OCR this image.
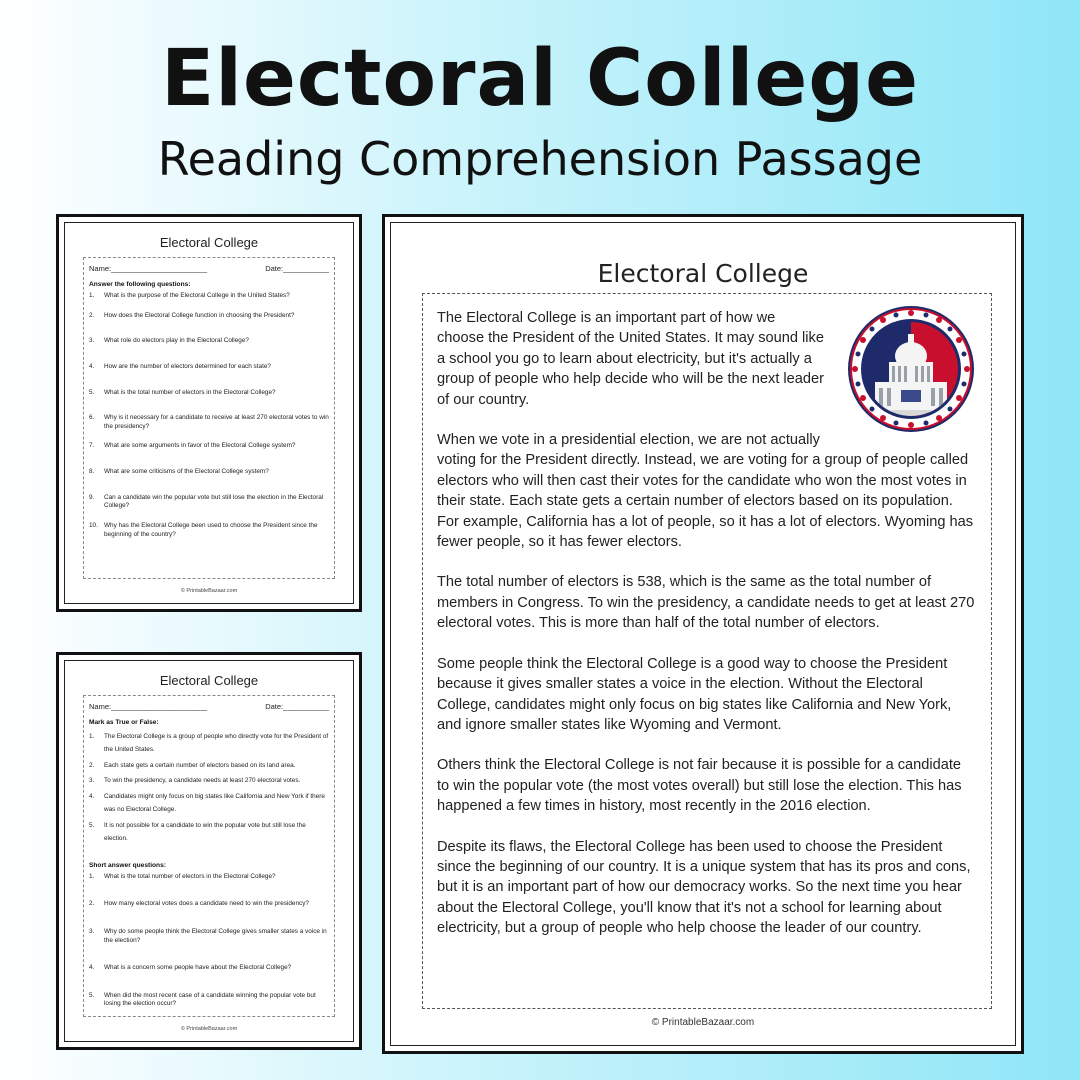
Electoral College
Reading Comprehension Passage
Electoral College
Name:_______________________	Date:___________
Answer the following questions:
1.	What is the purpose of the Electoral College in the United States?
2.	How does the Electoral College function in choosing the President?
3.	What role do electors play in the Electoral College?
4.	How are the number of electors determined for each state?
5.	What is the total number of electors in the Electoral College?
6.	Why is it necessary for a candidate to receive at least 270 electoral votes to win the presidency?
7.	What are some arguments in favor of the Electoral College system?
8.	What are some criticisms of the Electoral College system?
9.	Can a candidate win the popular vote but still lose the election in the Electoral College?
10. Why has the Electoral College been used to choose the President since the beginning of the country?
© PrintableBazaar.com
Electoral College
Name:_______________________	Date:___________
Mark as True or False:
1.	The Electoral College is a group of people who directly vote for the President of the United States.
2.	Each state gets a certain number of electors based on its land area.
3.	To win the presidency, a candidate needs at least 270 electoral votes.
4.	Candidates might only focus on big states like California and New York if there was no Electoral College.
5.	It is not possible for a candidate to win the popular vote but still lose the election.
Short answer questions:
1.	What is the total number of electors in the Electoral College?
2.	How many electoral votes does a candidate need to win the presidency?
3.	Why do some people think the Electoral College gives smaller states a voice in the election?
4.	What is a concern some people have about the Electoral College?
5.	When did the most recent case of a candidate winning the popular vote but losing the election occur?
© PrintableBazaar.com
Electoral College

The Electoral College is an important part of how we choose the President of the United States. It may sound like a school you go to learn about electricity, but it's actually a group of people who help decide who will be the next leader of our country.

When we vote in a presidential election, we are not actually voting for the President directly. Instead, we are voting for a group of people called electors who will then cast their votes for the candidate who won the most votes in their state. Each state gets a certain number of electors based on its population. For example, California has a lot of people, so it has a lot of electors. Wyoming has fewer people, so it has fewer electors.

The total number of electors is 538, which is the same as the total number of members in Congress. To win the presidency, a candidate needs to get at least 270 electoral votes. This is more than half of the total number of electors.

Some people think the Electoral College is a good way to choose the President because it gives smaller states a voice in the election. Without the Electoral College, candidates might only focus on big states like California and New York, and ignore smaller states like Wyoming and Vermont.

Others think the Electoral College is not fair because it is possible for a candidate to win the popular vote (the most votes overall) but still lose the election. This has happened a few times in history, most recently in the 2016 election.

Despite its flaws, the Electoral College has been used to choose the President since the beginning of our country. It is a unique system that has its pros and cons, but it is an important part of how our democracy works. So the next time you hear about the Electoral College, you'll know that it's not a school for learning about electricity, but a group of people who help choose the leader of our country.

© PrintableBazaar.com
